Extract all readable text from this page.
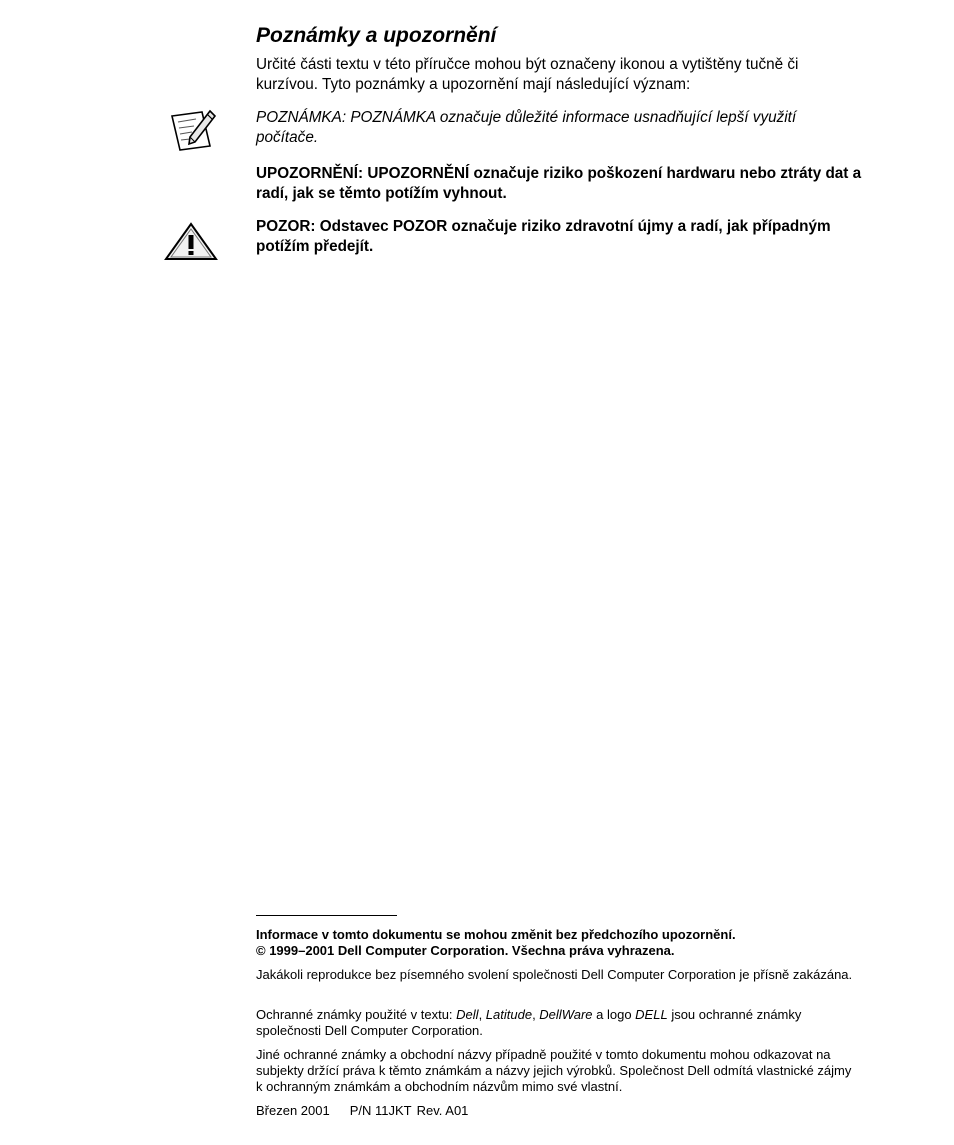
Poznámky a upozornění

Určité části textu v této příručce mohou být označeny ikonou a vytištěny tučně či kurzívou. Tyto poznámky a upozornění mají následující význam:

POZNÁMKA: POZNÁMKA označuje důležité informace usnadňující lepší využití počítače.

UPOZORNĚNÍ: UPOZORNĚNÍ označuje riziko poškození hardwaru nebo ztráty dat a radí, jak se těmto potížím vyhnout.

POZOR: Odstavec POZOR označuje riziko zdravotní újmy a radí, jak případným potížím předejít.

Informace v tomto dokumentu se mohou změnit bez předchozího upozornění.
© 1999–2001 Dell Computer Corporation. Všechna práva vyhrazena.

Jakákoli reprodukce bez písemného svolení společnosti Dell Computer Corporation je přísně zakázána.

Ochranné známky použité v textu: Dell, Latitude, DellWare a logo DELL jsou ochranné známky společnosti Dell Computer Corporation.

Jiné ochranné známky a obchodní názvy případně použité v tomto dokumentu mohou odkazovat na subjekty držící práva k těmto známkám a názvy jejich výrobků. Společnost Dell odmítá vlastnické zájmy k ochranným známkám a obchodním názvům mimo své vlastní.

Březen 2001 P/N 11JKT Rev. A01
